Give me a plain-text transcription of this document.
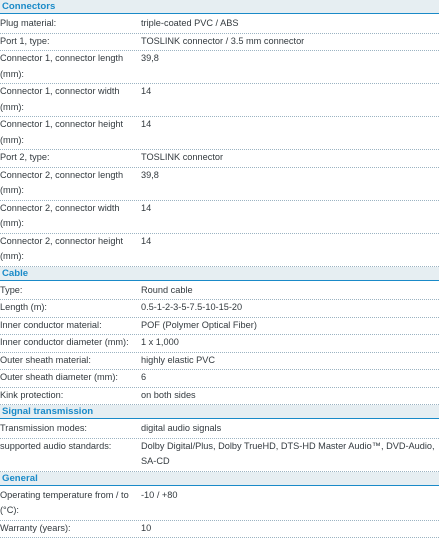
Connectors
Plug material:	triple-coated PVC / ABS
Port 1, type:	TOSLINK connector / 3.5 mm connector
Connector 1, connector length (mm):
39,8
Connector 1, connector width (mm):
14
Connector 1, connector height (mm):
14
Port 2, type:	TOSLINK connector
Connector 2, connector length (mm):
39,8
Connector 2, connector width (mm):
14
Connector 2, connector height (mm):
14
Cable
Type:	Round cable
Length (m):	0.5-1-2-3-5-7.5-10-15-20
Inner conductor material:	POF (Polymer Optical Fiber)
Inner conductor diameter (mm):	1 x 1,000
Outer sheath material:	highly elastic PVC
Outer sheath diameter (mm):	6
Kink protection:	on both sides
Signal transmission
Transmission modes:	digital audio signals
supported audio standards:	Dolby Digital/Plus, Dolby TrueHD, DTS-HD Master Audio™, DVD-Audio, SA-CD
General
Operating temperature from / to (°C):
-10 / +80
Warranty (years):	10
